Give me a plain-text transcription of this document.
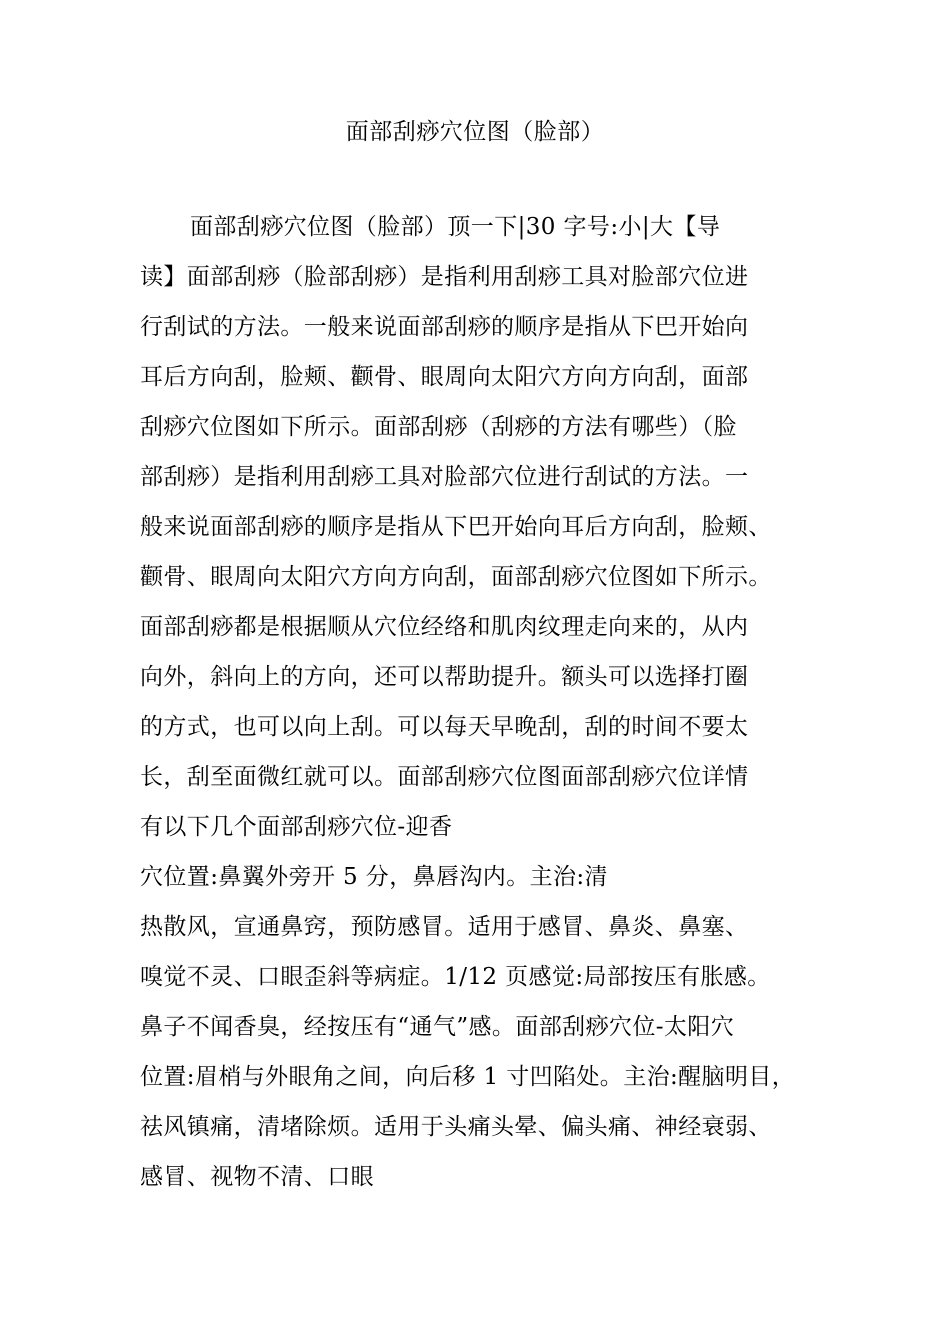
面部刮痧穴位图（脸部）
面部刮痧穴位图（脸部）顶一下|30 字号:小|大【导
读】面部刮痧（脸部刮痧）是指利用刮痧工具对脸部穴位进
行刮试的方法。一般来说面部刮痧的顺序是指从下巴开始向
耳后方向刮，脸颊、颧骨、眼周向太阳穴方向方向刮，面部
刮痧穴位图如下所示。面部刮痧（刮痧的方法有哪些）（脸
部刮痧）是指利用刮痧工具对脸部穴位进行刮试的方法。一
般来说面部刮痧的顺序是指从下巴开始向耳后方向刮，脸颊、
颧骨、眼周向太阳穴方向方向刮，面部刮痧穴位图如下所示。
面部刮痧都是根据顺从穴位经络和肌肉纹理走向来的，从内
向外，斜向上的方向，还可以帮助提升。额头可以选择打圈
的方式，也可以向上刮。可以每天早晚刮，刮的时间不要太
长，刮至面微红就可以。面部刮痧穴位图面部刮痧穴位详情
有以下几个面部刮痧穴位-迎香
穴位置:鼻翼外旁开 5 分，鼻唇沟内。主治:清
热散风，宣通鼻窍，预防感冒。适用于感冒、鼻炎、鼻塞、
嗅觉不灵、口眼歪斜等病症。1/12 页感觉:局部按压有胀感。
鼻子不闻香臭，经按压有“通气”感。面部刮痧穴位-太阳穴
位置:眉梢与外眼角之间，向后移 1 寸凹陷处。主治:醒脑明目，
祛风镇痛，清堵除烦。适用于头痛头晕、偏头痛、神经衰弱、
感冒、视物不清、口眼
